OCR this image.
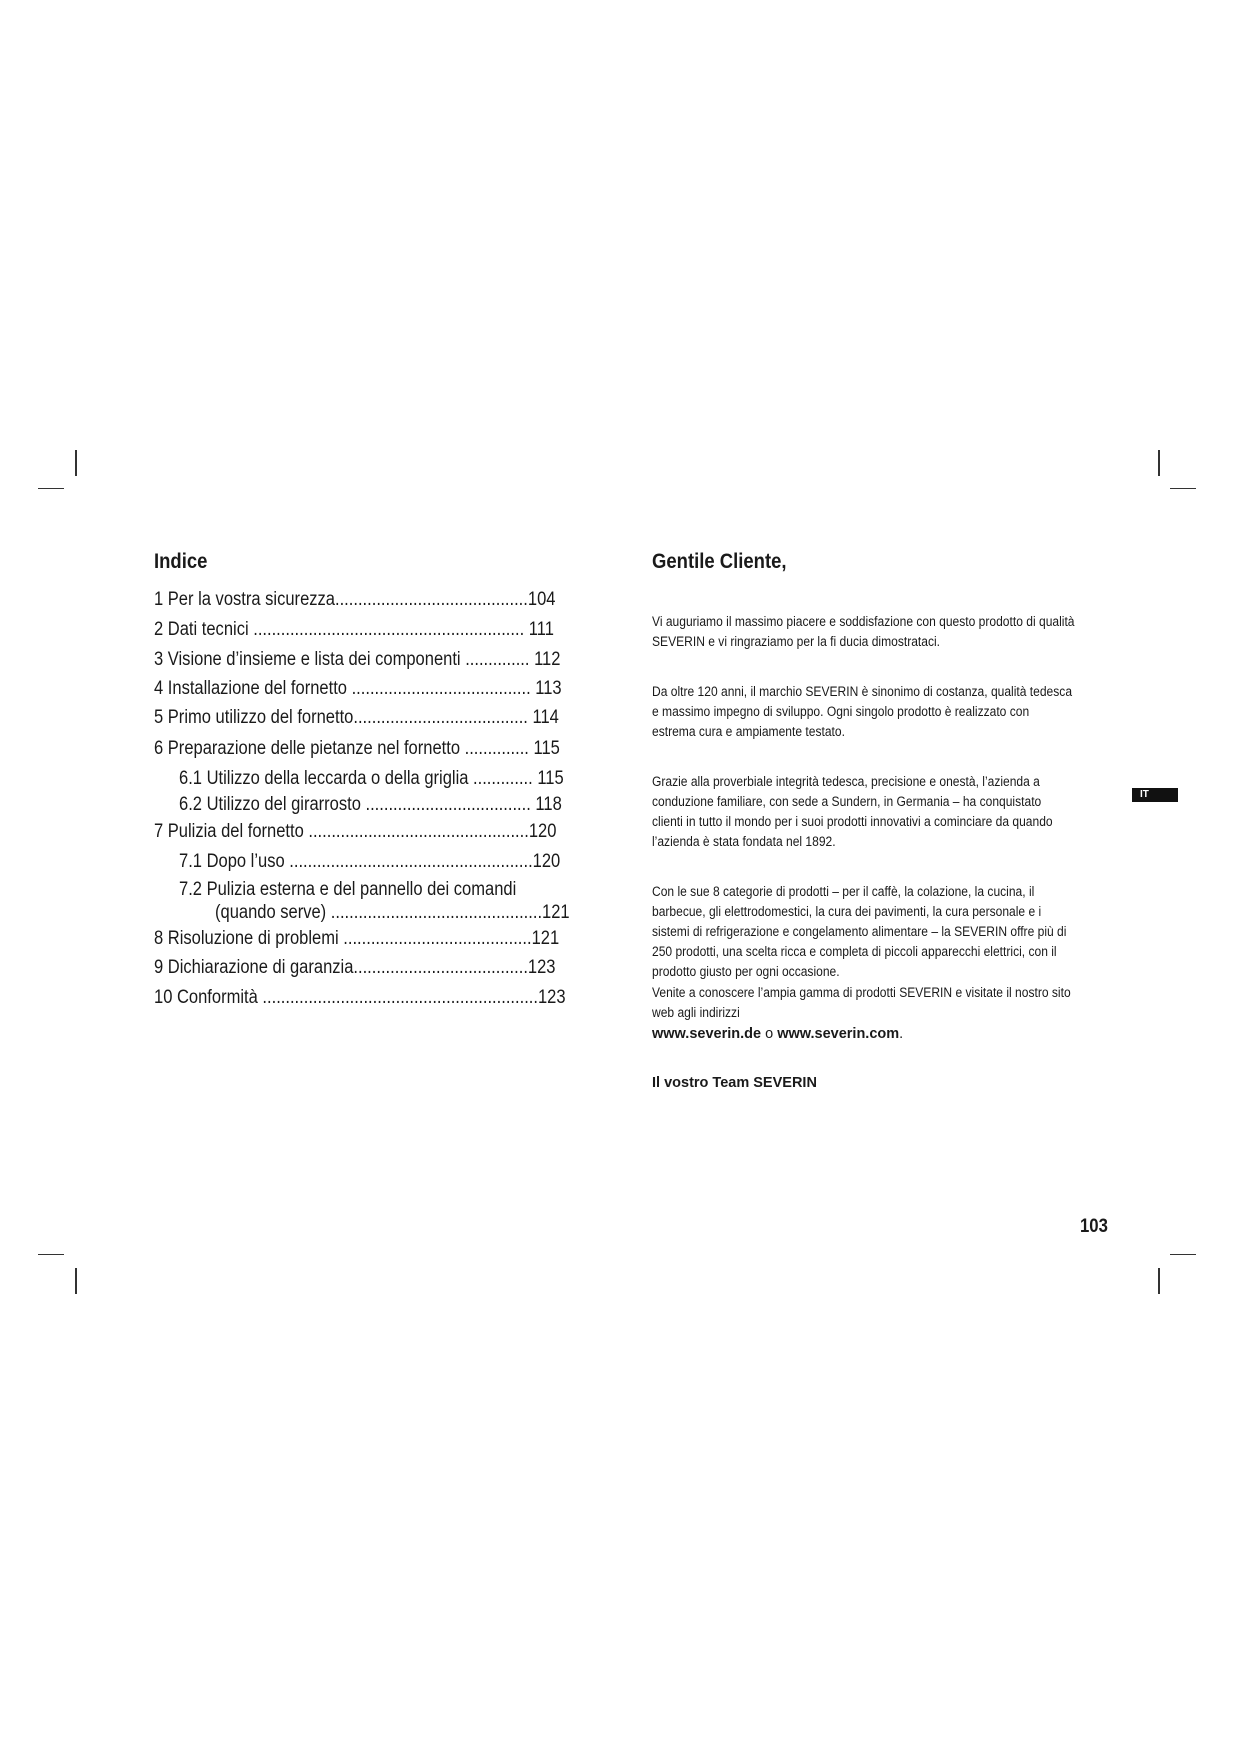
Indice
1 Per la vostra sicurezza..........................................104
2 Dati tecnici ........................................................... 111
3 Visione d’insieme e lista dei componenti .............. 112
4 Installazione del fornetto ....................................... 113
5 Primo utilizzo del fornetto...................................... 114
6 Preparazione delle pietanze nel fornetto .............. 115
6.1 Utilizzo della leccarda o della griglia ............. 115
6.2 Utilizzo del girarrosto .................................... 118
7 Pulizia del fornetto ................................................120
7.1 Dopo l’uso .....................................................120
7.2 Pulizia esterna e del pannello dei comandi
(quando serve) ..............................................121
8 Risoluzione di problemi .........................................121
9 Dichiarazione di garanzia......................................123
10 Conformità ............................................................123
Gentile Cliente,

Vi auguriamo il massimo piacere e soddisfazione con questo prodotto di qualità SEVERIN e vi ringraziamo per la fi ducia dimostrataci.

Da oltre 120 anni, il marchio SEVERIN è sinonimo di costanza, qualità tedesca e massimo impegno di sviluppo. Ogni singolo prodotto è realizzato con estrema cura e ampiamente testato.

Grazie alla proverbiale integrità tedesca, precisione e onestà, l’azienda a conduzione familiare, con sede a Sundern, in Germania – ha conquistato clienti in tutto il mondo per i suoi prodotti innovativi a cominciare da quando l’azienda è stata fondata nel 1892.

Con le sue 8 categorie di prodotti – per il caffè, la colazione, la cucina, il barbecue, gli elettrodomestici, la cura dei pavimenti, la cura personale e i sistemi di refrigerazione e congelamento alimentare – la SEVERIN offre più di 250 prodotti, una scelta ricca e completa di piccoli apparecchi elettrici, con il prodotto giusto per ogni occasione.

Venite a conoscere l’ampia gamma di prodotti SEVERIN e visitate il nostro sito web agli indirizzi

www.severin.de o www.severin.com.
Il vostro Team SEVERIN
IT
103
